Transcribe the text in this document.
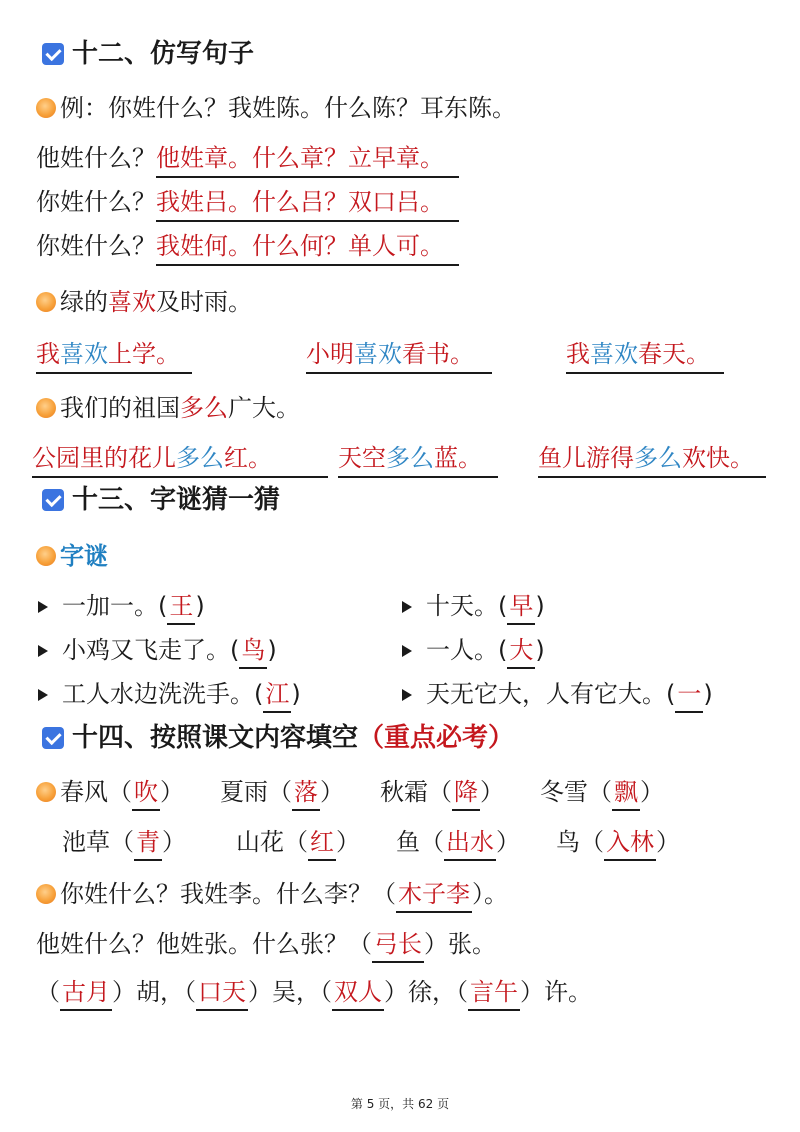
十二、仿写句子
例：你姓什么？我姓陈。什么陈？耳东陈。
他姓什么？他姓章。什么章？立早章。
你姓什么？我姓吕。什么吕？双口吕。
你姓什么？我姓何。什么何？单人可。
绿的喜欢及时雨。
我喜欢上学。	小明喜欢看书。	我喜欢春天。
我们的祖国多么广大。
公园里的花儿多么红。	天空多么蓝。	鱼儿游得多么欢快。
十三、字谜猜一猜
字谜
一加一。(王)
小鸡又飞走了。(鸟)
工人水边洗洗手。(江)
十天。(早)
一人。(大)
天无它大，人有它大。(一)
十四、按照课文内容填空（重点必考）
春风（吹） 夏雨（落） 秋霜（降） 冬雪（飘）
池草（青） 山花（红） 鱼（出水） 鸟（入林）
你姓什么？我姓李。什么李？（木子李）。
他姓什么？他姓张。什么张？（弓长）张。
（古月）胡，（口天）吴，（双人）徐，（言午）许。
第 5 页，共 62 页
